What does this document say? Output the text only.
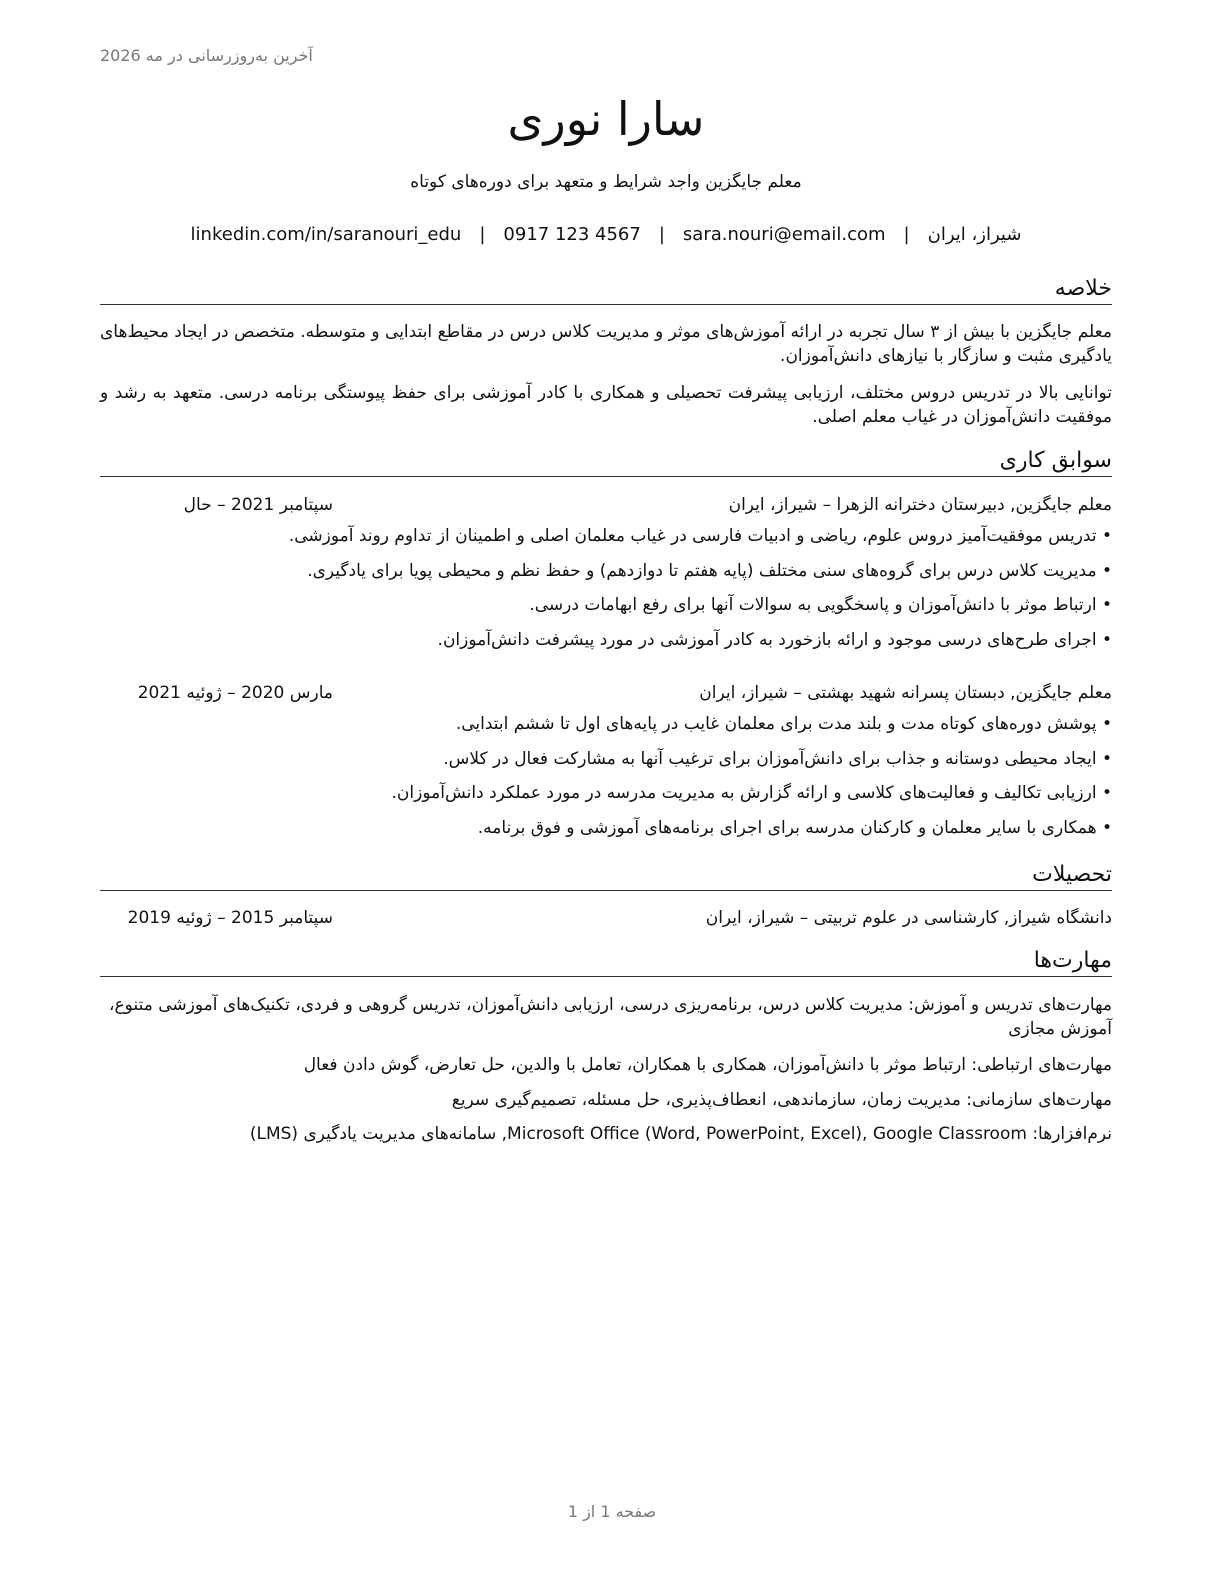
آخرین به‌روزرسانی در مه 2026
سارا نوری
معلم جایگزین واجد شرایط و متعهد برای دوره‌های کوتاه
شیراز، ایران|sara.nouri@email.com|0917 123 4567|linkedin.com/in/saranouri_edu
خلاصه
معلم جایگزین با بیش از ۳ سال تجربه در ارائه آموزش‌های موثر و مدیریت کلاس درس در مقاطع ابتدایی و متوسطه. متخصص در ایجاد محیط‌های یادگیری مثبت و سازگار با نیازهای دانش‌آموزان.
توانایی بالا در تدریس دروس مختلف، ارزیابی پیشرفت تحصیلی و همکاری با کادر آموزشی برای حفظ پیوستگی برنامه درسی. متعهد به رشد و موفقیت دانش‌آموزان در غیاب معلم اصلی.
سوابق کاری
معلم جایگزین, دبیرستان دخترانه الزهرا – شیراز، ایران
سپتامبر 2021 – حال
• تدریس موفقیت‌آمیز دروس علوم، ریاضی و ادبیات فارسی در غیاب معلمان اصلی و اطمینان از تداوم روند آموزشی.
• مدیریت کلاس درس برای گروه‌های سنی مختلف (پایه هفتم تا دوازدهم) و حفظ نظم و محیطی پویا برای یادگیری.
• ارتباط موثر با دانش‌آموزان و پاسخگویی به سوالات آنها برای رفع ابهامات درسی.
• اجرای طرح‌های درسی موجود و ارائه بازخورد به کادر آموزشی در مورد پیشرفت دانش‌آموزان.
معلم جایگزین, دبستان پسرانه شهید بهشتی – شیراز، ایران
مارس 2020 – ژوئیه 2021
• پوشش دوره‌های کوتاه مدت و بلند مدت برای معلمان غایب در پایه‌های اول تا ششم ابتدایی.
• ایجاد محیطی دوستانه و جذاب برای دانش‌آموزان برای ترغیب آنها به مشارکت فعال در کلاس.
• ارزیابی تکالیف و فعالیت‌های کلاسی و ارائه گزارش به مدیریت مدرسه در مورد عملکرد دانش‌آموزان.
• همکاری با سایر معلمان و کارکنان مدرسه برای اجرای برنامه‌های آموزشی و فوق برنامه.
تحصیلات
دانشگاه شیراز, کارشناسی در علوم تربیتی – شیراز، ایران
سپتامبر 2015 – ژوئیه 2019
مهارت‌ها
مهارت‌های تدریس و آموزش: مدیریت کلاس درس، برنامه‌ریزی درسی، ارزیابی دانش‌آموزان، تدریس گروهی و فردی، تکنیک‌های آموزشی متنوع، آموزش مجازی
مهارت‌های ارتباطی: ارتباط موثر با دانش‌آموزان، همکاری با همکاران، تعامل با والدین، حل تعارض، گوش دادن فعال
مهارت‌های سازمانی: مدیریت زمان، سازماندهی، انعطاف‌پذیری، حل مسئله، تصمیم‌گیری سریع
نرم‌افزارها: Microsoft Office (Word, PowerPoint, Excel), Google Classroom, سامانه‌های مدیریت یادگیری (LMS)
صفحه 1 از 1
